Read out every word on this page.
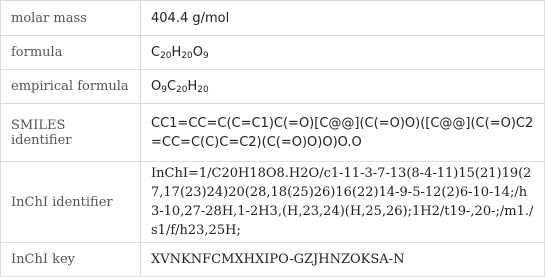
molar mass	404.4 g/mol
formula	$C_{20}H_{20}O_9$
empirical formula	$O_9C_{20}H_{20}$
SMILES identifier	CC1=CC=C(C=C1)C(=O)[C@@](C(=O)O)([C@@](C(=O)C2=CC=C(C)C=C2)(C(=O)O)O)O.O
InChI identifier	InChI=1/C20H18O8.H2O/c1-11-3-7-13(8-4-11)15(21)19(27,17(23)24)20(28,18(25)26)16(22)14-9-5-12(2)6-10-14;/h3-10,27-28H,1-2H3,(H,23,24)(H,25,26);1H2/t19-,20-;/m1./s1/f/h23,25H;
InChI key	XVNKNFCMXHXIPO-GZJHNZOKSA-N
